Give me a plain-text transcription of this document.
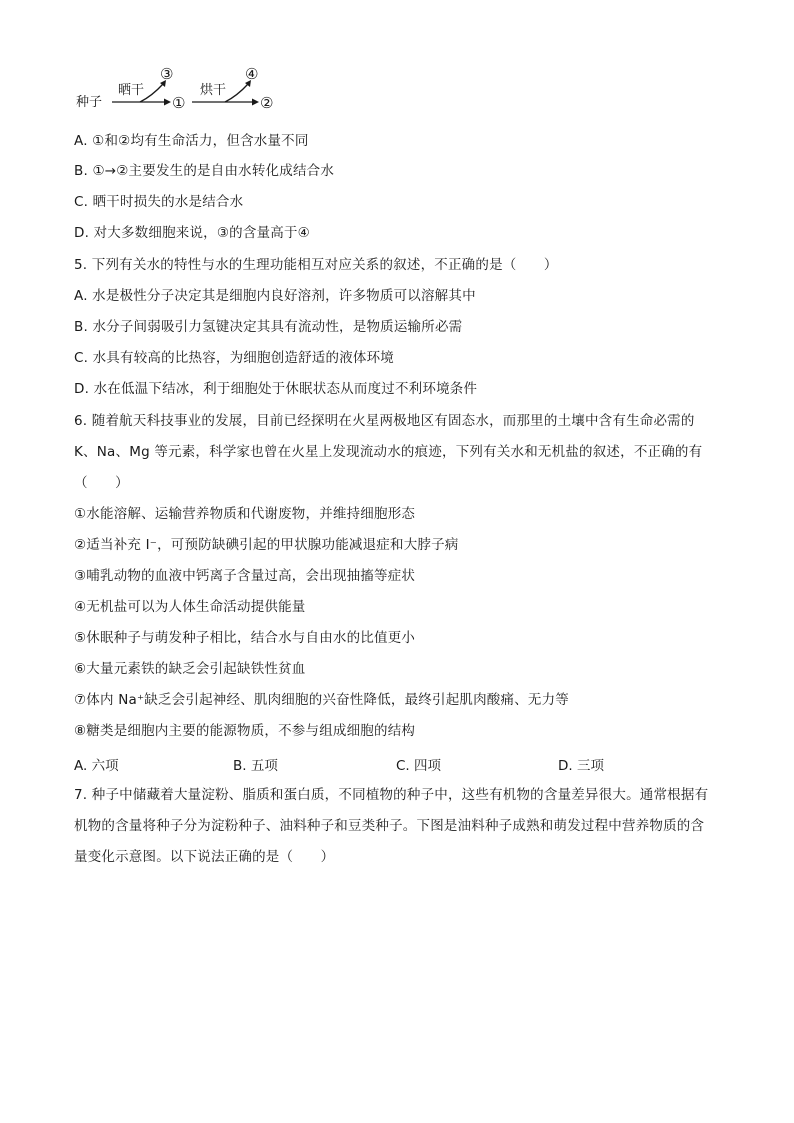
种子
晒干
①
③
烘干
②
④
A. ①和②均有生命活力，但含水量不同
B. ①→②主要发生的是自由水转化成结合水
C. 晒干时损失的水是结合水
D. 对大多数细胞来说，③的含量高于④
5. 下列有关水的特性与水的生理功能相互对应关系的叙述，不正确的是（　　）
A. 水是极性分子决定其是细胞内良好溶剂，许多物质可以溶解其中
B. 水分子间弱吸引力氢键决定其具有流动性，是物质运输所必需
C. 水具有较高的比热容，为细胞创造舒适的液体环境
D. 水在低温下结冰，利于细胞处于休眠状态从而度过不利环境条件
6. 随着航天科技事业的发展，目前已经探明在火星两极地区有固态水，而那里的土壤中含有生命必需的
K、Na、Mg 等元素，科学家也曾在火星上发现流动水的痕迹，下列有关水和无机盐的叙述，不正确的有
（　　）
①水能溶解、运输营养物质和代谢废物，并维持细胞形态
②适当补充 I⁻，可预防缺碘引起的甲状腺功能减退症和大脖子病
③哺乳动物的血液中钙离子含量过高，会出现抽搐等症状
④无机盐可以为人体生命活动提供能量
⑤休眠种子与萌发种子相比，结合水与自由水的比值更小
⑥大量元素铁的缺乏会引起缺铁性贫血
⑦体内 Na⁺缺乏会引起神经、肌肉细胞的兴奋性降低，最终引起肌肉酸痛、无力等
⑧糖类是细胞内主要的能源物质，不参与组成细胞的结构
A. 六项	B. 五项	C. 四项	D. 三项
7. 种子中储藏着大量淀粉、脂质和蛋白质，不同植物的种子中，这些有机物的含量差异很大。通常根据有
机物的含量将种子分为淀粉种子、油料种子和豆类种子。下图是油料种子成熟和萌发过程中营养物质的含
量变化示意图。以下说法正确的是（　　）
